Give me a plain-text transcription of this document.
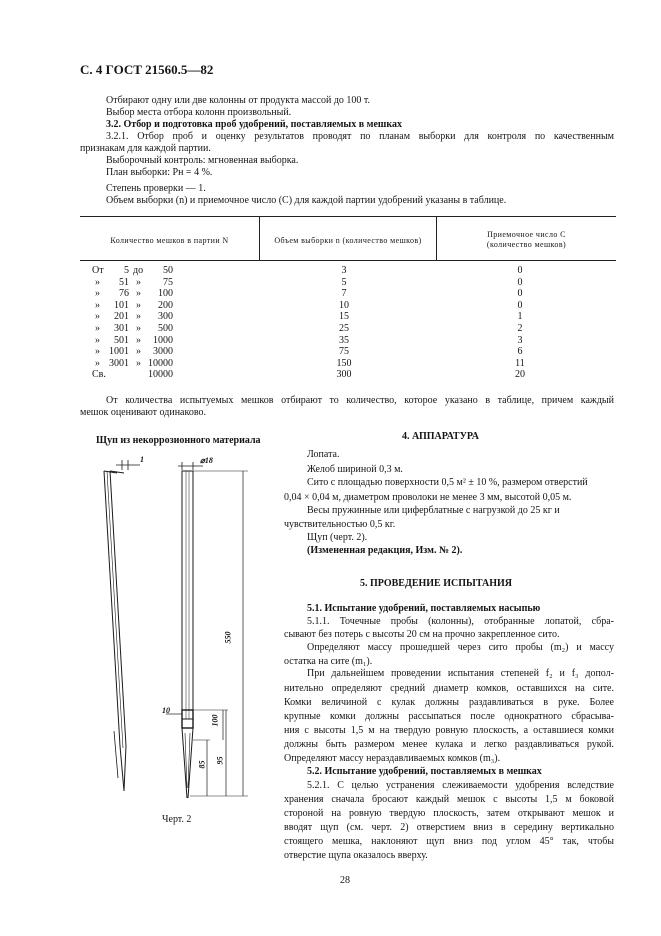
С. 4 ГОСТ 21560.5—82
Отбирают одну или две колонны от продукта массой до 100 т.
Выбор места отбора колонн произвольный.
3.2. Отбор и подготовка проб удобрений, поставляемых в мешках
3.2.1. Отбор проб и оценку результатов проводят по планам выборки для контроля по качественным
признакам для каждой партии.
Выборочный контроль: мгновенная выборка.
План выборки: Pн = 4 %.
Степень проверки — 1.
Объем выборки (n) и приемочное число (C) для каждой партии удобрений указаны в таблице.
Количество мешков в партии N	Объем выборки n (количество мешков)
Приемочное число C
(количество мешков)
От
»
»
»
»
»
»
»
»
Св.
5
51
76
101
201
301
501
1001
3001
до
»
»
»
»
»
»
»
»
50
75
100
200
300
500
1000
3000
10000
10000
3
5
7
10
15
25
35
75
150
300
0
0
0
0
1
2
3
6
11
20
От количества испытуемых мешков отбирают то количество, которое указано в таблице, причем каждый
мешок оценивают одинаково.
Щуп из некоррозионного материала
1	⌀18
550
10
100
85 95
Черт. 2
4. АППАРАТУРА
Лопата.
Желоб шириной 0,3 м.
Сито с площадью поверхности 0,5 м² ± 10 %, размером отверстий
0,04 × 0,04 м, диаметром проволоки не менее 3 мм, высотой 0,05 м.
Весы пружинные или циферблатные с нагрузкой до 25 кг и
чувствительностью 0,5 кг.
Щуп (черт. 2).
(Измененная редакция, Изм. № 2).
5. ПРОВЕДЕНИЕ ИСПЫТАНИЯ
5.1. Испытание удобрений, поставляемых насыпью
5.1.1. Точечные пробы (колонны), отобранные лопатой, сбра-
сывают без потерь с высоты 20 см на прочно закрепленное сито.
Определяют массу прошедшей через сито пробы (m₂) и массу
остатка на сите (m₁).
При дальнейшем проведении испытания степеней f₂ и f₃ допол-
нительно определяют средний диаметр комков, оставшихся на сите.
Комки величиной с кулак должны раздавливаться в руке. Более
крупные комки должны рассыпаться после однократного сбрасыва-
ния с высоты 1,5 м на твердую ровную плоскость, а оставшиеся комки
должны быть размером менее кулака и легко раздавливаться рукой.
Определяют массу нераздавливаемых комков (m₃).
5.2. Испытание удобрений, поставляемых в мешках
5.2.1. С целью устранения слеживаемости удобрения вследствие
хранения сначала бросают каждый мешок с высоты 1,5 м боковой
стороной на ровную твердую плоскость, затем открывают мешок и
вводят щуп (см. черт. 2) отверстием вниз в середину вертикально
стоящего мешка, наклоняют щуп вниз под углом 45° так, чтобы
отверстие щупа оказалось вверху.
28
